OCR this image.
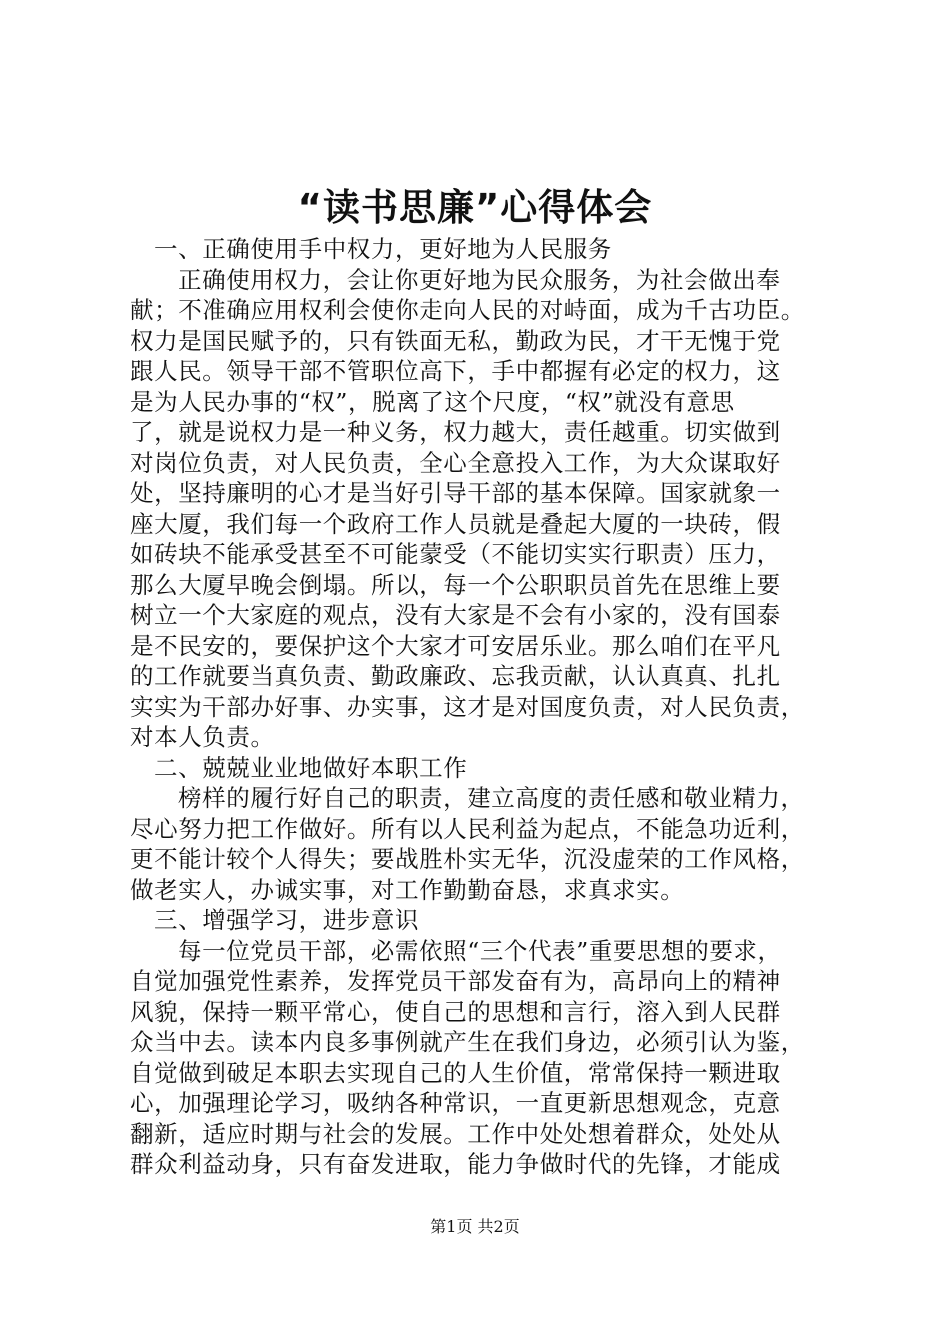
“读书思廉”心得体会
一、正确使用手中权力，更好地为人民服务
正确使用权力，会让你更好地为民众服务，为社会做出奉
献；不准确应用权利会使你走向人民的对峙面，成为千古功臣。
权力是国民赋予的，只有铁面无私，勤政为民，才干无愧于党
跟人民。领导干部不管职位高下，手中都握有必定的权力，这
是为人民办事的“权”，脱离了这个尺度，“权”就没有意思
了，就是说权力是一种义务，权力越大，责任越重。切实做到
对岗位负责，对人民负责，全心全意投入工作，为大众谋取好
处，坚持廉明的心才是当好引导干部的基本保障。国家就象一
座大厦，我们每一个政府工作人员就是叠起大厦的一块砖，假
如砖块不能承受甚至不可能蒙受（不能切实实行职责）压力，
那么大厦早晚会倒塌。所以，每一个公职职员首先在思维上要
树立一个大家庭的观点，没有大家是不会有小家的，没有国泰
是不民安的，要保护这个大家才可安居乐业。那么咱们在平凡
的工作就要当真负责、勤政廉政、忘我贡献，认认真真、扎扎
实实为干部办好事、办实事，这才是对国度负责，对人民负责，
对本人负责。
二、兢兢业业地做好本职工作
榜样的履行好自己的职责，建立高度的责任感和敬业精力，
尽心努力把工作做好。所有以人民利益为起点，不能急功近利，
更不能计较个人得失；要战胜朴实无华，沉没虚荣的工作风格，
做老实人，办诚实事，对工作勤勤奋恳，求真求实。
三、增强学习，进步意识
每一位党员干部，必需依照“三个代表”重要思想的要求，
自觉加强党性素养，发挥党员干部发奋有为，高昂向上的精神
风貌，保持一颗平常心，使自己的思想和言行，溶入到人民群
众当中去。读本内良多事例就产生在我们身边，必须引认为鉴，
自觉做到破足本职去实现自己的人生价值，常常保持一颗进取
心，加强理论学习，吸纳各种常识，一直更新思想观念，克意
翻新，适应时期与社会的发展。工作中处处想着群众，处处从
群众利益动身，只有奋发进取，能力争做时代的先锋，才能成
第1页 共2页
